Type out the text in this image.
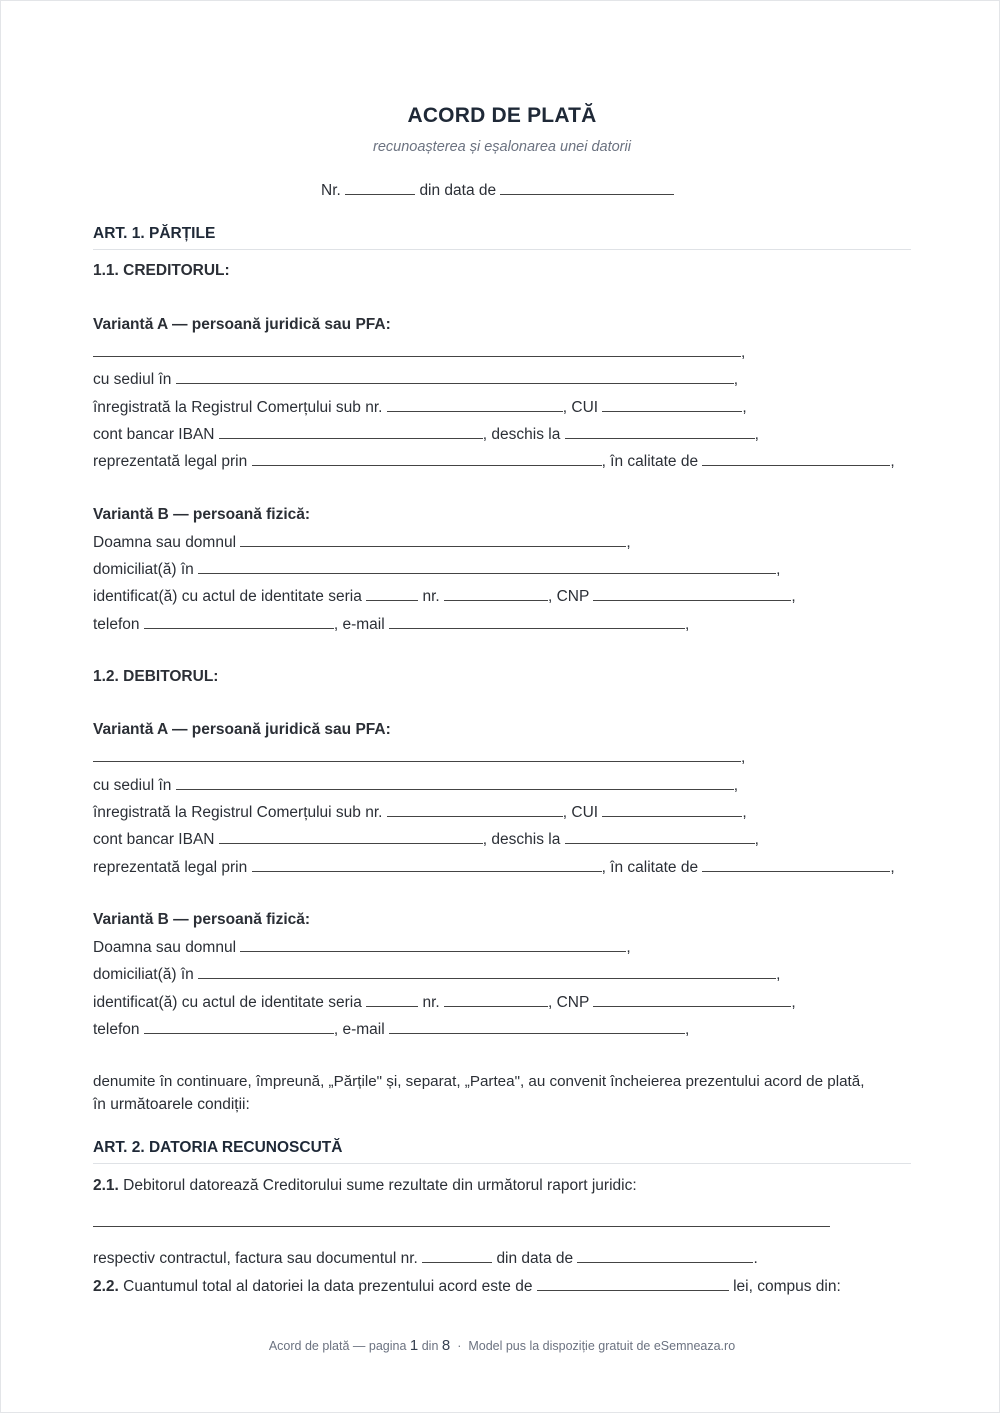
ACORD DE PLATĂ
recunoașterea și eșalonarea unei datorii
Nr.	din data de
ART. 1. PĂRȚILE
1.1. CREDITORUL:
Variantă A — persoană juridică sau PFA:
,
cu sediul în	,
înregistrată la Registrul Comerțului sub nr.	, CUI	,
cont bancar IBAN	, deschis la	,
reprezentată legal prin	, în calitate de	,
Variantă B — persoană fizică:
Doamna sau domnul	,
domiciliat(ă) în	,
identificat(ă) cu actul de identitate seria	nr.	, CNP	,
telefon	, e-mail	,
1.2. DEBITORUL:
Variantă A — persoană juridică sau PFA:
,
cu sediul în	,
înregistrată la Registrul Comerțului sub nr.	, CUI	,
cont bancar IBAN	, deschis la	,
reprezentată legal prin	, în calitate de	,
Variantă B — persoană fizică:
Doamna sau domnul	,
domiciliat(ă) în	,
identificat(ă) cu actul de identitate seria	nr.	, CNP	,
telefon	, e-mail	,
denumite în continuare, împreună, „Părțile" și, separat, „Partea", au convenit încheierea prezentului acord de plată,
în următoarele condiții:
ART. 2. DATORIA RECUNOSCUTĂ
2.1. Debitorul datorează Creditorului sume rezultate din următorul raport juridic:
respectiv contractul, factura sau documentul nr.	din data de	.
2.2. Cuantumul total al datoriei la data prezentului acord este de	lei, compus din:
Acord de plată — pagina 1 din 8 · Model pus la dispoziție gratuit de eSemneaza.ro
